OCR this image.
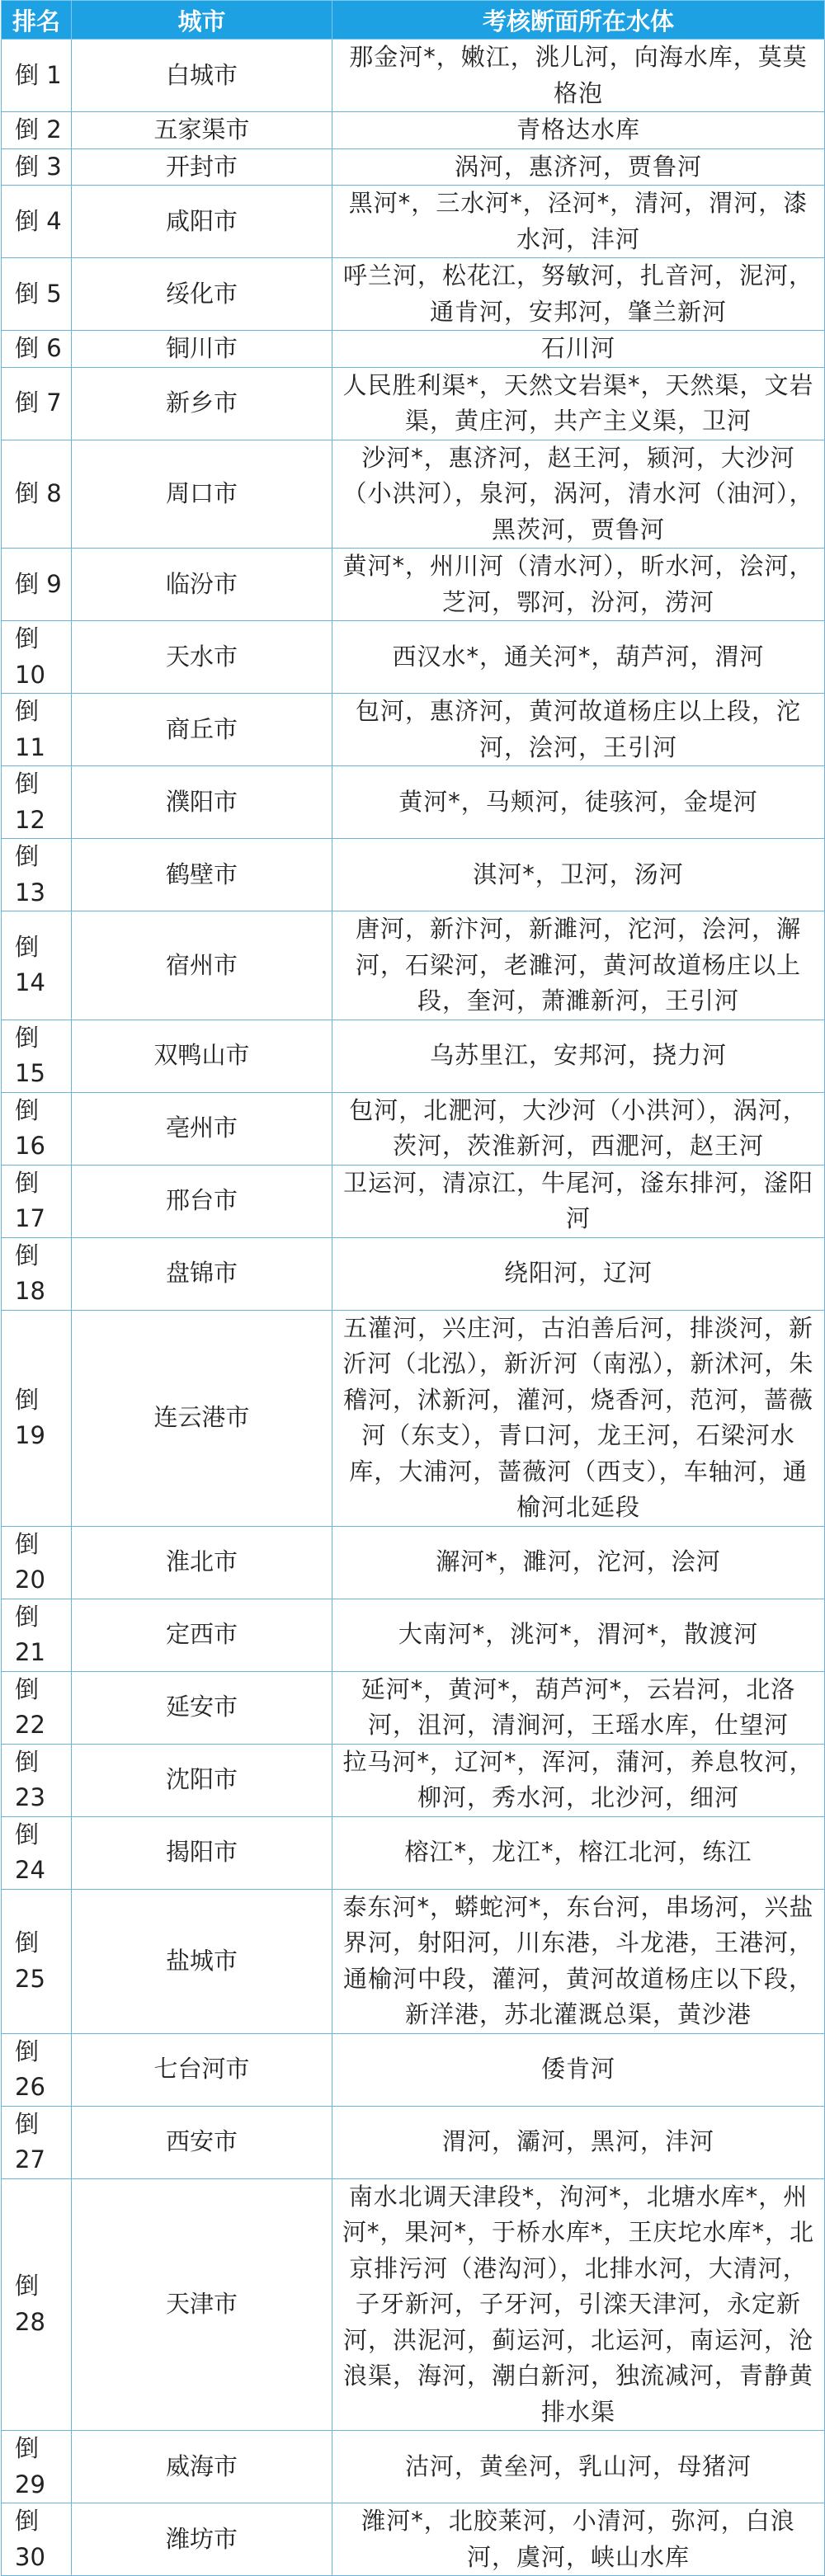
排名	城市	考核断面所在水体
倒 1	白城市	那金河*，嫩江，洮儿河，向海水库，莫莫格泡
倒 2	五家渠市	青格达水库
倒 3	开封市	涡河，惠济河，贾鲁河
倒 4	咸阳市	黑河*，三水河*，泾河*，清河，渭河，漆水河，沣河
倒 5	绥化市	呼兰河，松花江，努敏河，扎音河，泥河，通肯河，安邦河，肇兰新河
倒 6	铜川市	石川河
倒 7	新乡市	人民胜利渠*，天然文岩渠*，天然渠，文岩渠，黄庄河，共产主义渠，卫河
倒 8	周口市	沙河*，惠济河，赵王河，颍河，大沙河（小洪河），泉河，涡河，清水河（油河），黑茨河，贾鲁河
倒 9	临汾市	黄河*，州川河（清水河），昕水河，浍河，芝河，鄂河，汾河，涝河
倒 10	天水市	西汉水*，通关河*，葫芦河，渭河
倒 11	商丘市	包河，惠济河，黄河故道杨庄以上段，沱河，浍河，王引河
倒 12	濮阳市	黄河*，马颊河，徒骇河，金堤河
倒 13	鹤壁市	淇河*，卫河，汤河
倒 14	宿州市	唐河，新汴河，新濉河，沱河，浍河，澥河，石梁河，老濉河，黄河故道杨庄以上段，奎河，萧濉新河，王引河
倒 15	双鸭山市	乌苏里江，安邦河，挠力河
倒 16	亳州市	包河，北淝河，大沙河（小洪河），涡河，茨河，茨淮新河，西淝河，赵王河
倒 17	邢台市	卫运河，清凉江，牛尾河，滏东排河，滏阳河
倒 18	盘锦市	绕阳河，辽河
倒 19	连云港市	五灌河，兴庄河，古泊善后河，排淡河，新沂河（北泓），新沂河（南泓），新沭河，朱稽河，沭新河，灌河，烧香河，范河，蔷薇河（东支），青口河，龙王河，石梁河水库，大浦河，蔷薇河（西支），车轴河，通榆河北延段
倒 20	淮北市	澥河*，濉河，沱河，浍河
倒 21	定西市	大南河*，洮河*，渭河*，散渡河
倒 22	延安市	延河*，黄河*，葫芦河*，云岩河，北洛河，沮河，清涧河，王瑶水库，仕望河
倒 23	沈阳市	拉马河*，辽河*，浑河，蒲河，养息牧河，柳河，秀水河，北沙河，细河
倒 24	揭阳市	榕江*，龙江*，榕江北河，练江
倒 25	盐城市	泰东河*，蟒蛇河*，东台河，串场河，兴盐界河，射阳河，川东港，斗龙港，王港河，通榆河中段，灌河，黄河故道杨庄以下段，新洋港，苏北灌溉总渠，黄沙港
倒 26	七台河市	倭肯河
倒 27	西安市	渭河，灞河，黑河，沣河
倒 28	天津市	南水北调天津段*，泃河*，北塘水库*，州河*，果河*，于桥水库*，王庆坨水库*，北京排污河（港沟河），北排水河，大清河，子牙新河，子牙河，引滦天津河，永定新河，洪泥河，蓟运河，北运河，南运河，沧浪渠，海河，潮白新河，独流减河，青静黄排水渠
倒 29	威海市	沽河，黄垒河，乳山河，母猪河
倒 30	潍坊市	潍河*，北胶莱河，小清河，弥河，白浪河，虞河，峡山水库
